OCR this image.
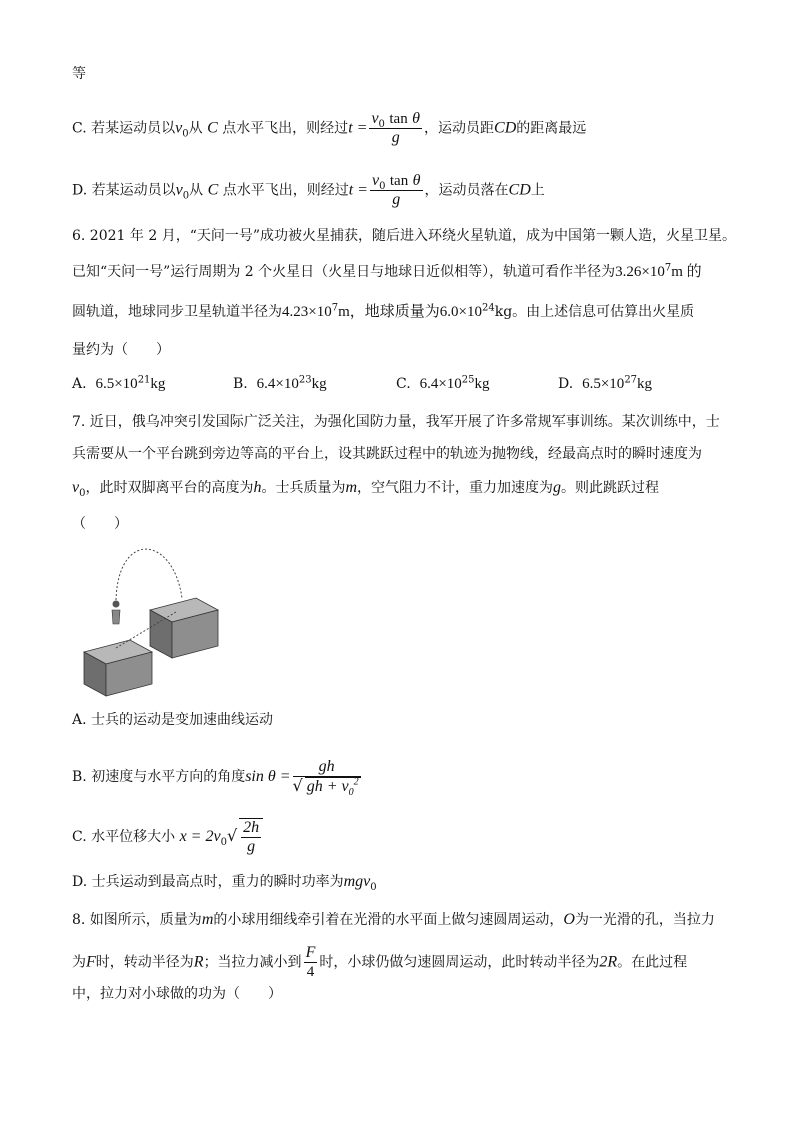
等
C. 若某运动员以$v_0$从 C 点水平飞出，则经过$t = \frac{v_0 \tan \theta}{g}$ ，运动员距CD的距离最远
D. 若某运动员以$v_0$从 C 点水平飞出，则经过$t = \frac{v_0 \tan \theta}{g}$ ，运动员落在CD上
6. 2021 年 2 月，“天问一号”成功被火星捕获，随后进入环绕火星轨道，成为中国第一颗人造，火星卫星。
已知“天问一号”运行周期为 2 个火星日（火星日与地球日近似相等），轨道可看作半径为$3.26\times 10^7m$ 的
圆轨道，地球同步卫星轨道半径为$4.23\times 10^7m$，地球质量为$6.0\times 10^{24}kg$。由上述信息可估算出火星质
量约为（　　）
A. $6.5\times 10^{21}kg$	B. $6.4\times 10^{23}kg$	C. $6.4\times 10^{25}kg$	D. $6.5\times 10^{27}kg$
7. 近日，俄乌冲突引发国际广泛关注，为强化国防力量，我军开展了许多常规军事训练。某次训练中，士
兵需要从一个平台跳到旁边等高的平台上，设其跳跃过程中的轨迹为抛物线，经最高点时的瞬时速度为
$v_0$，此时双脚离平台的高度为h。士兵质量为m，空气阻力不计，重力加速度为g。则此跳跃过程
（　　）
A. 士兵的运动是变加速曲线运动
B. 初速度与水平方向的角度$\sin \theta = \frac{gh}{√ gh + v_0^2}$
C. 水平位移大小 $x = 2v_0√ \frac{2h}{g}$
D. 士兵运动到最高点时，重力的瞬时功率为mgv$_0$
8. 如图所示，质量为m的小球用细线牵引着在光滑的水平面上做匀速圆周运动，O为一光滑的孔，当拉力
为F时，转动半径为R；当拉力减小到 $\frac{F}{4}$ 时，小球仍做匀速圆周运动，此时转动半径为2R。在此过程
中，拉力对小球做的功为（　　）
